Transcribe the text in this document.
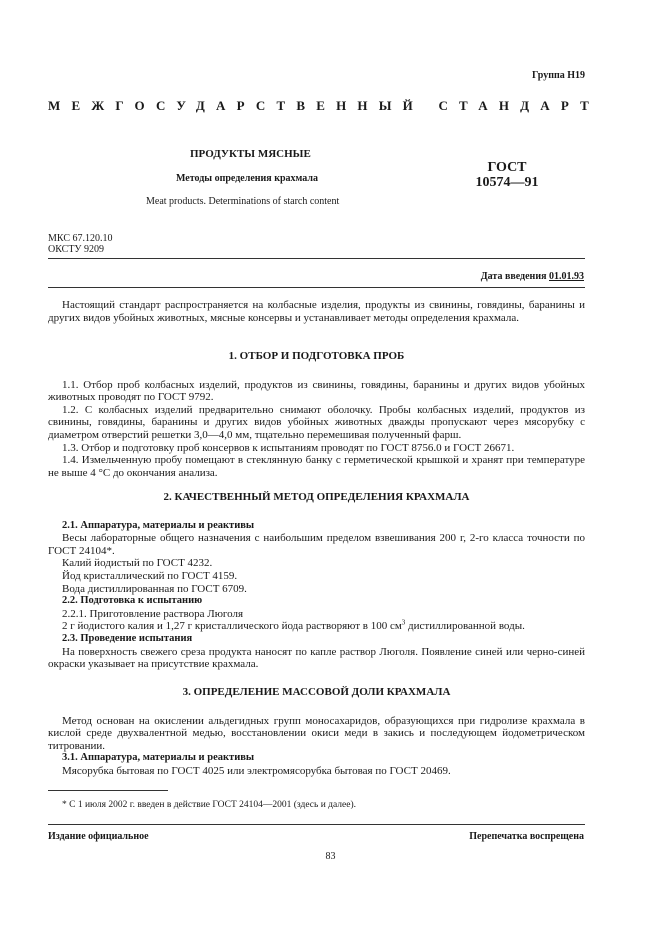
Группа Н19
МЕЖГОСУДАРСТВЕННЫЙ СТАНДАРТ
ПРОДУКТЫ МЯСНЫЕ
Методы определения крахмала
Meat products. Determinations of starch content
ГОСТ
10574—91
МКС 67.120.10
ОКСТУ 9209
Дата введения 01.01.93

Настоящий стандарт распространяется на колбасные изделия, продукты из свинины, говядины, баранины и других видов убойных животных, мясные консервы и устанавливает методы определения крахмала.

1. ОТБОР И ПОДГОТОВКА ПРОБ

1.1. Отбор проб колбасных изделий, продуктов из свинины, говядины, баранины и других видов убойных животных проводят по ГОСТ 9792.

1.2. С колбасных изделий предварительно снимают оболочку. Пробы колбасных изделий, продуктов из свинины, говядины, баранины и других видов убойных животных дважды пропускают через мясорубку с диаметром отверстий решетки 3,0—4,0 мм, тщательно перемешивая полученный фарш.

1.3. Отбор и подготовку проб консервов к испытаниям проводят по ГОСТ 8756.0 и ГОСТ 26671.

1.4. Измельченную пробу помещают в стеклянную банку с герметической крышкой и хранят при температуре не выше 4 °С до окончания анализа.

2. КАЧЕСТВЕННЫЙ МЕТОД ОПРЕДЕЛЕНИЯ КРАХМАЛА

2.1. Аппаратура, материалы и реактивы

Весы лабораторные общего назначения с наибольшим пределом взвешивания 200 г, 2-го класса точности по ГОСТ 24104*.

Калий йодистый по ГОСТ 4232.

Йод кристаллический по ГОСТ 4159.

Вода дистиллированная по ГОСТ 6709.

2.2. Подготовка к испытанию

2.2.1. Приготовление раствора Люголя

2 г йодистого калия и 1,27 г кристаллического йода растворяют в 100 $см^3$ дистиллированной воды.

2.3. Проведение испытания

На поверхность свежего среза продукта наносят по капле раствор Люголя. Появление синей или черно-синей окраски указывает на присутствие крахмала.

3. ОПРЕДЕЛЕНИЕ МАССОВОЙ ДОЛИ КРАХМАЛА

Метод основан на окислении альдегидных групп моносахаридов, образующихся при гидролизе крахмала в кислой среде двухвалентной медью, восстановлении окиси меди в закись и последующем йодометрическом титровании.

3.1. Аппаратура, материалы и реактивы

Мясорубка бытовая по ГОСТ 4025 или электромясорубка бытовая по ГОСТ 20469.

* С 1 июля 2002 г. введен в действие ГОСТ 24104—2001 (здесь и далее).
Издание официальное	Перепечатка воспрещена
83
